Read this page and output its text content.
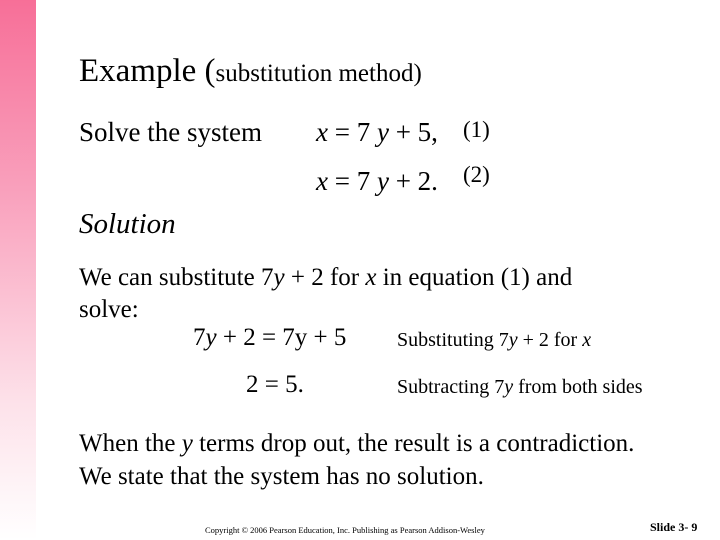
Example (substitution method)
Solve the system x = 7 y + 5, (1)
x = 7 y + 2. (2)
Solution
We can substitute 7y + 2 for x in equation (1) and
solve:
7y + 2 = 7y + 5	Substituting 7y + 2 for x
2 = 5.	Subtracting 7y from both sides
When the y terms drop out, the result is a contradiction.
We state that the system has no solution.
Copyright © 2006 Pearson Education, Inc. Publishing as Pearson Addison-Wesley	Slide 3- 9
